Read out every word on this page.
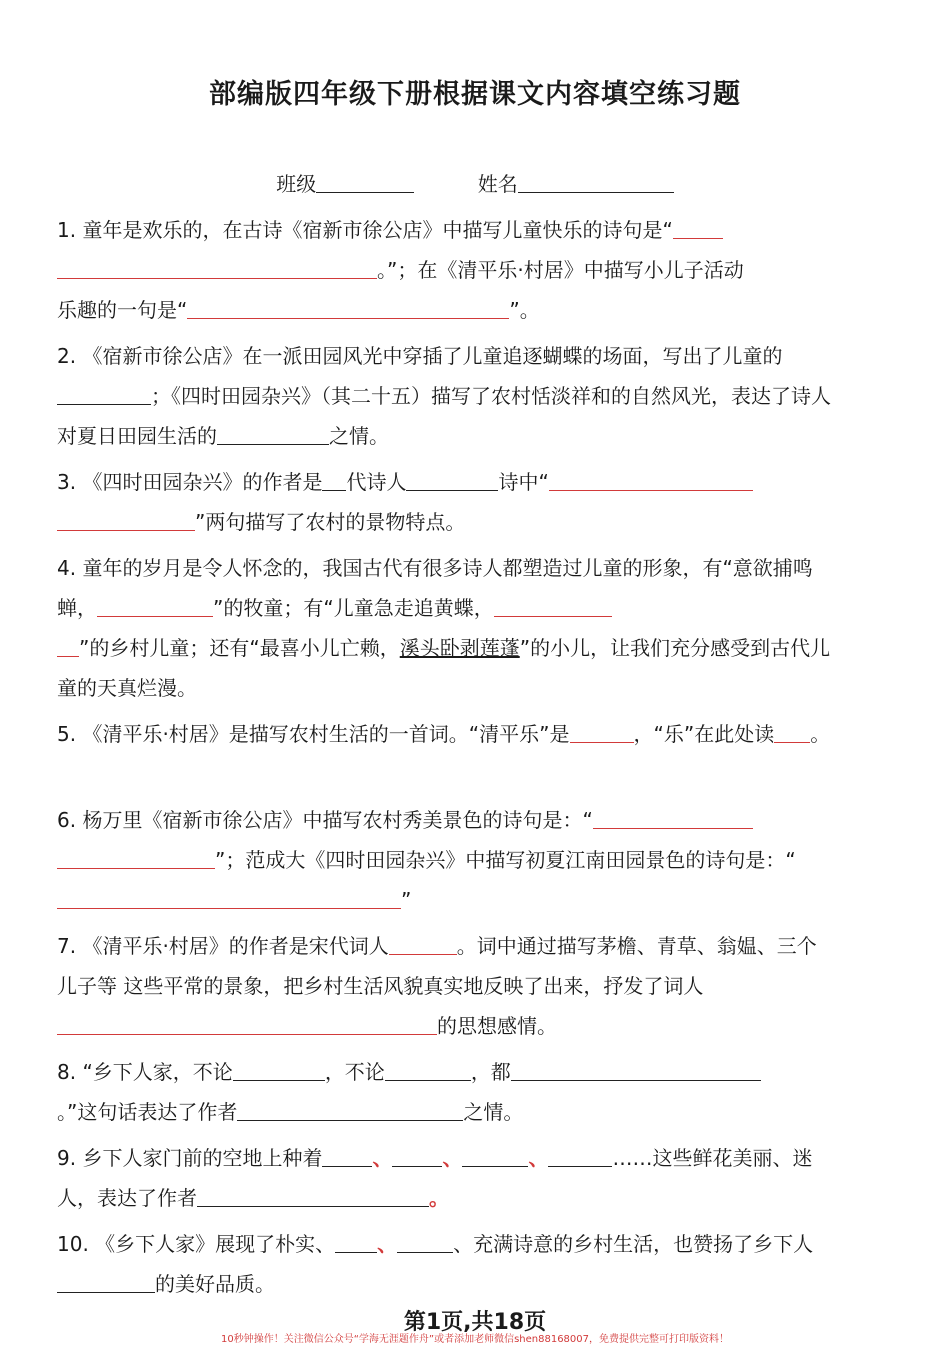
部编版四年级下册根据课文内容填空练习题
班级	姓名
1. 童年是欢乐的，在古诗《宿新市徐公店》中描写儿童快乐的诗句是“
。”；在《清平乐·村居》中描写小儿子活动
乐趣的一句是“	”。
2. 《宿新市徐公店》在一派田园风光中穿插了儿童追逐蝴蝶的场面，写出了儿童的；《四时田园杂兴》（其二十五）描写了农村恬淡祥和的自然风光，表达了诗人对夏日田园生活的	之情。
3. 《四时田园杂兴》的作者是 代诗人	诗中“
”两句描写了农村的景物特点。
4. 童年的岁月是令人怀念的，我国古代有很多诗人都塑造过儿童的形象，有“意欲捕鸣蝉，	”的牧童；有“儿童急走追黄蝶，
”的乡村儿童；还有“最喜小儿亡赖，溪头卧剥莲蓬”的小儿，让我们充分感受到古代儿童的天真烂漫。
5. 《清平乐·村居》是描写农村生活的一首词。“清平乐”是	，“乐”在此处读 。
6. 杨万里《宿新市徐公店》中描写农村秀美景色的诗句是：“
”；范成大《四时田园杂兴》中描写初夏江南田园景色的诗句是：“”
7. 《清平乐·村居》的作者是宋代词人	。词中通过描写茅檐、青草、翁媪、三个儿子等 这些平常的景象，把乡村生活风貌真实地反映了出来，抒发了词人的思想感情。
8. “乡下人家，不论	，不论	，都
。”这句话表达了作者	之情。
9. 乡下人家门前的空地上种着	、	、	、	……这些鲜花美丽、迷人，表达了作者	。
10. 《乡下人家》展现了朴实、 、	、充满诗意的乡村生活，也赞扬了乡下人的美好品质。
第1页,共18页
10秒钟操作！关注微信公众号“学海无涯题作舟”或者添加老师微信shen88168007，免费提供完整可打印版资料！
